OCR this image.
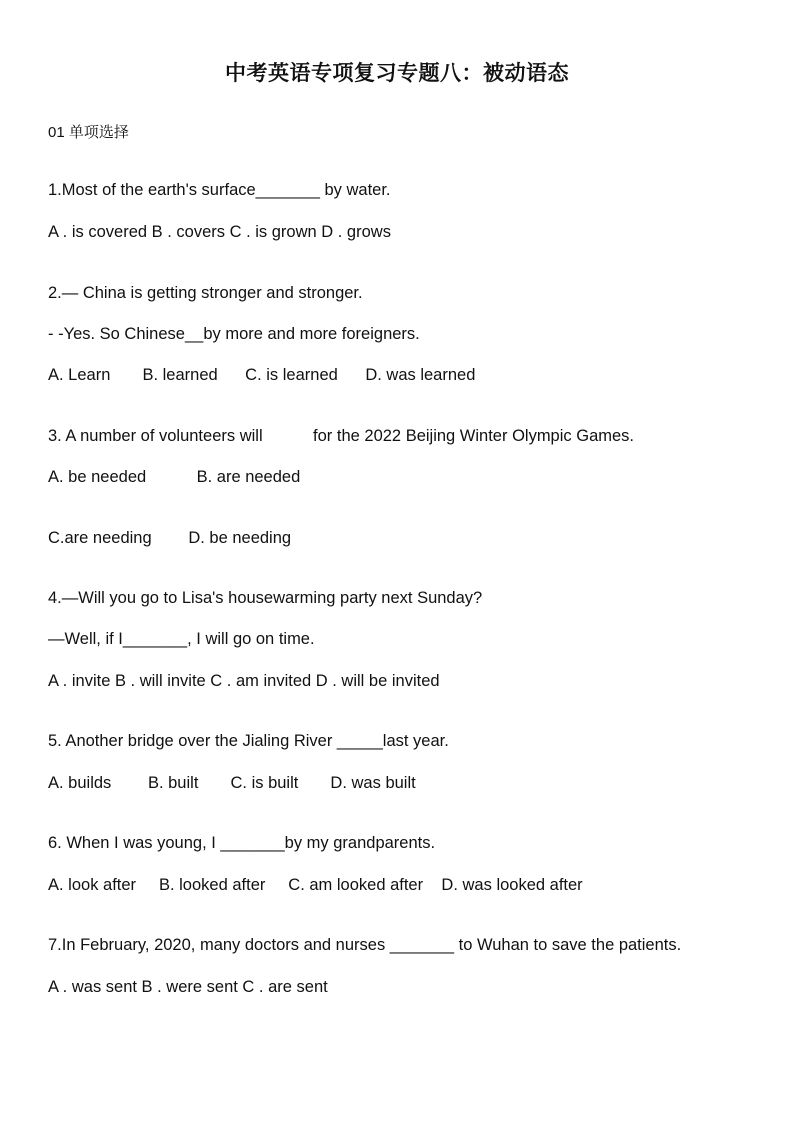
中考英语专项复习专题八：被动语态
01 单项选择
1.Most of the earth's surface_______ by water.
A . is covered B . covers C . is grown D . grows
2.— China is getting stronger and stronger.
- -Yes. So Chinese__by more and more foreigners.
A. Learn       B. learned      C. is learned      D. was learned
3. A number of volunteers will           for the 2022 Beijing Winter Olympic Games.
A. be needed           B. are needed
C.are needing        D. be needing
4.—Will you go to Lisa's housewarming party next Sunday?
—Well, if I_______, I will go on time.
A . invite B . will invite C . am invited D . will be invited
5. Another bridge over the Jialing River _____last year.
A. builds        B. built       C. is built       D. was built
6. When I was young, I _______by my grandparents.
A. look after     B. looked after     C. am looked after    D. was looked after
7.In February, 2020, many doctors and nurses _______ to Wuhan to save the patients.
A . was sent B . were sent C . are sent
